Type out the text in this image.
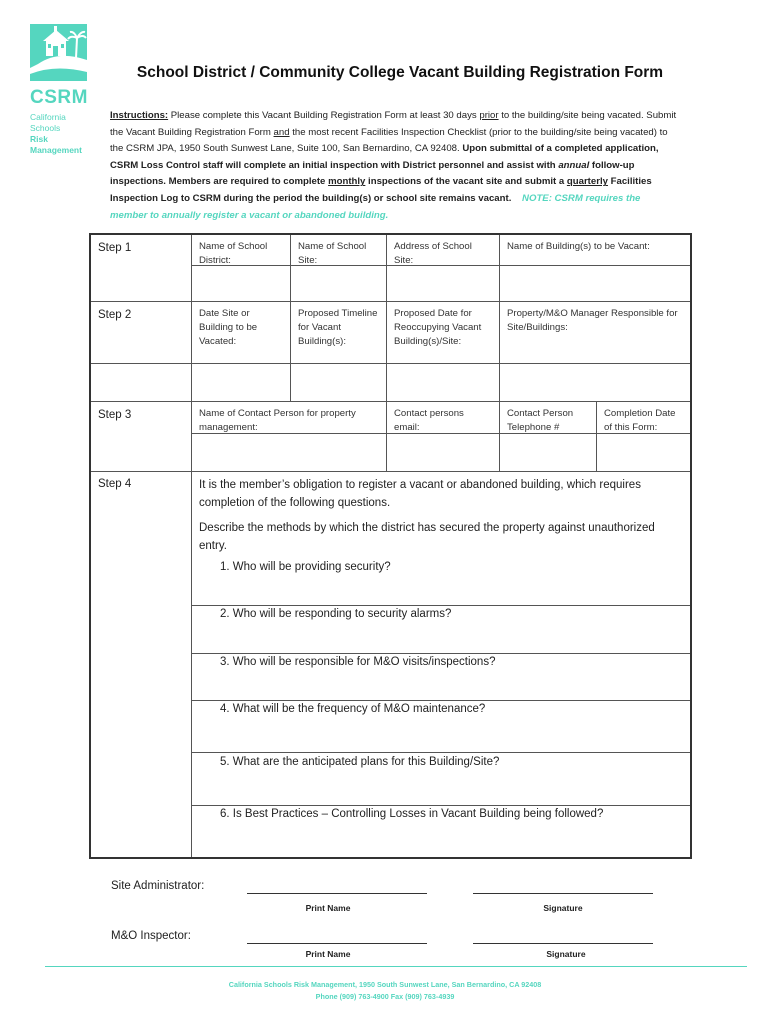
CSRM
California Schools
Risk Management
School District / Community College Vacant Building Registration Form
Instructions: Please complete this Vacant Building Registration Form at least 30 days prior to the building/site being vacated. Submit the Vacant Building Registration Form and the most recent Facilities Inspection Checklist (prior to the building/site being vacated) to the CSRM JPA, 1950 South Sunwest Lane, Suite 100, San Bernardino, CA 92408. Upon submittal of a completed application, CSRM Loss Control staff will complete an initial inspection with District personnel and assist with annual follow-up inspections. Members are required to complete monthly inspections of the vacant site and submit a quarterly Facilities Inspection Log to CSRM during the period the building(s) or school site remains vacant. NOTE: CSRM requires the member to annually register a vacant or abandoned building.
Step 1
Step 2
Step 3
Step 4
Name of School District:
Name of School Site:
Address of School Site:
Name of Building(s) to be Vacant:
Date Site or Building to be Vacated:
Proposed Timeline for Vacant Building(s):
Proposed Date for Reoccupying Vacant Building(s)/Site:
Property/M&O Manager Responsible for Site/Buildings:
Name of Contact Person for property management:
Contact persons email:
Contact Person Telephone #
Completion Date of this Form:
It is the member’s obligation to register a vacant or abandoned building, which requires completion of the following questions.
Describe the methods by which the district has secured the property against unauthorized entry.
1. Who will be providing security?
2. Who will be responding to security alarms?
3. Who will be responsible for M&O visits/inspections?
4. What will be the frequency of M&O maintenance?
5. What are the anticipated plans for this Building/Site?
6. Is Best Practices – Controlling Losses in Vacant Building being followed?
Site Administrator:
Print Name	Signature
M&O Inspector:
Print Name	Signature
California Schools Risk Management, 1950 South Sunwest Lane, San Bernardino, CA 92408
Phone (909) 763-4900 Fax (909) 763-4939
